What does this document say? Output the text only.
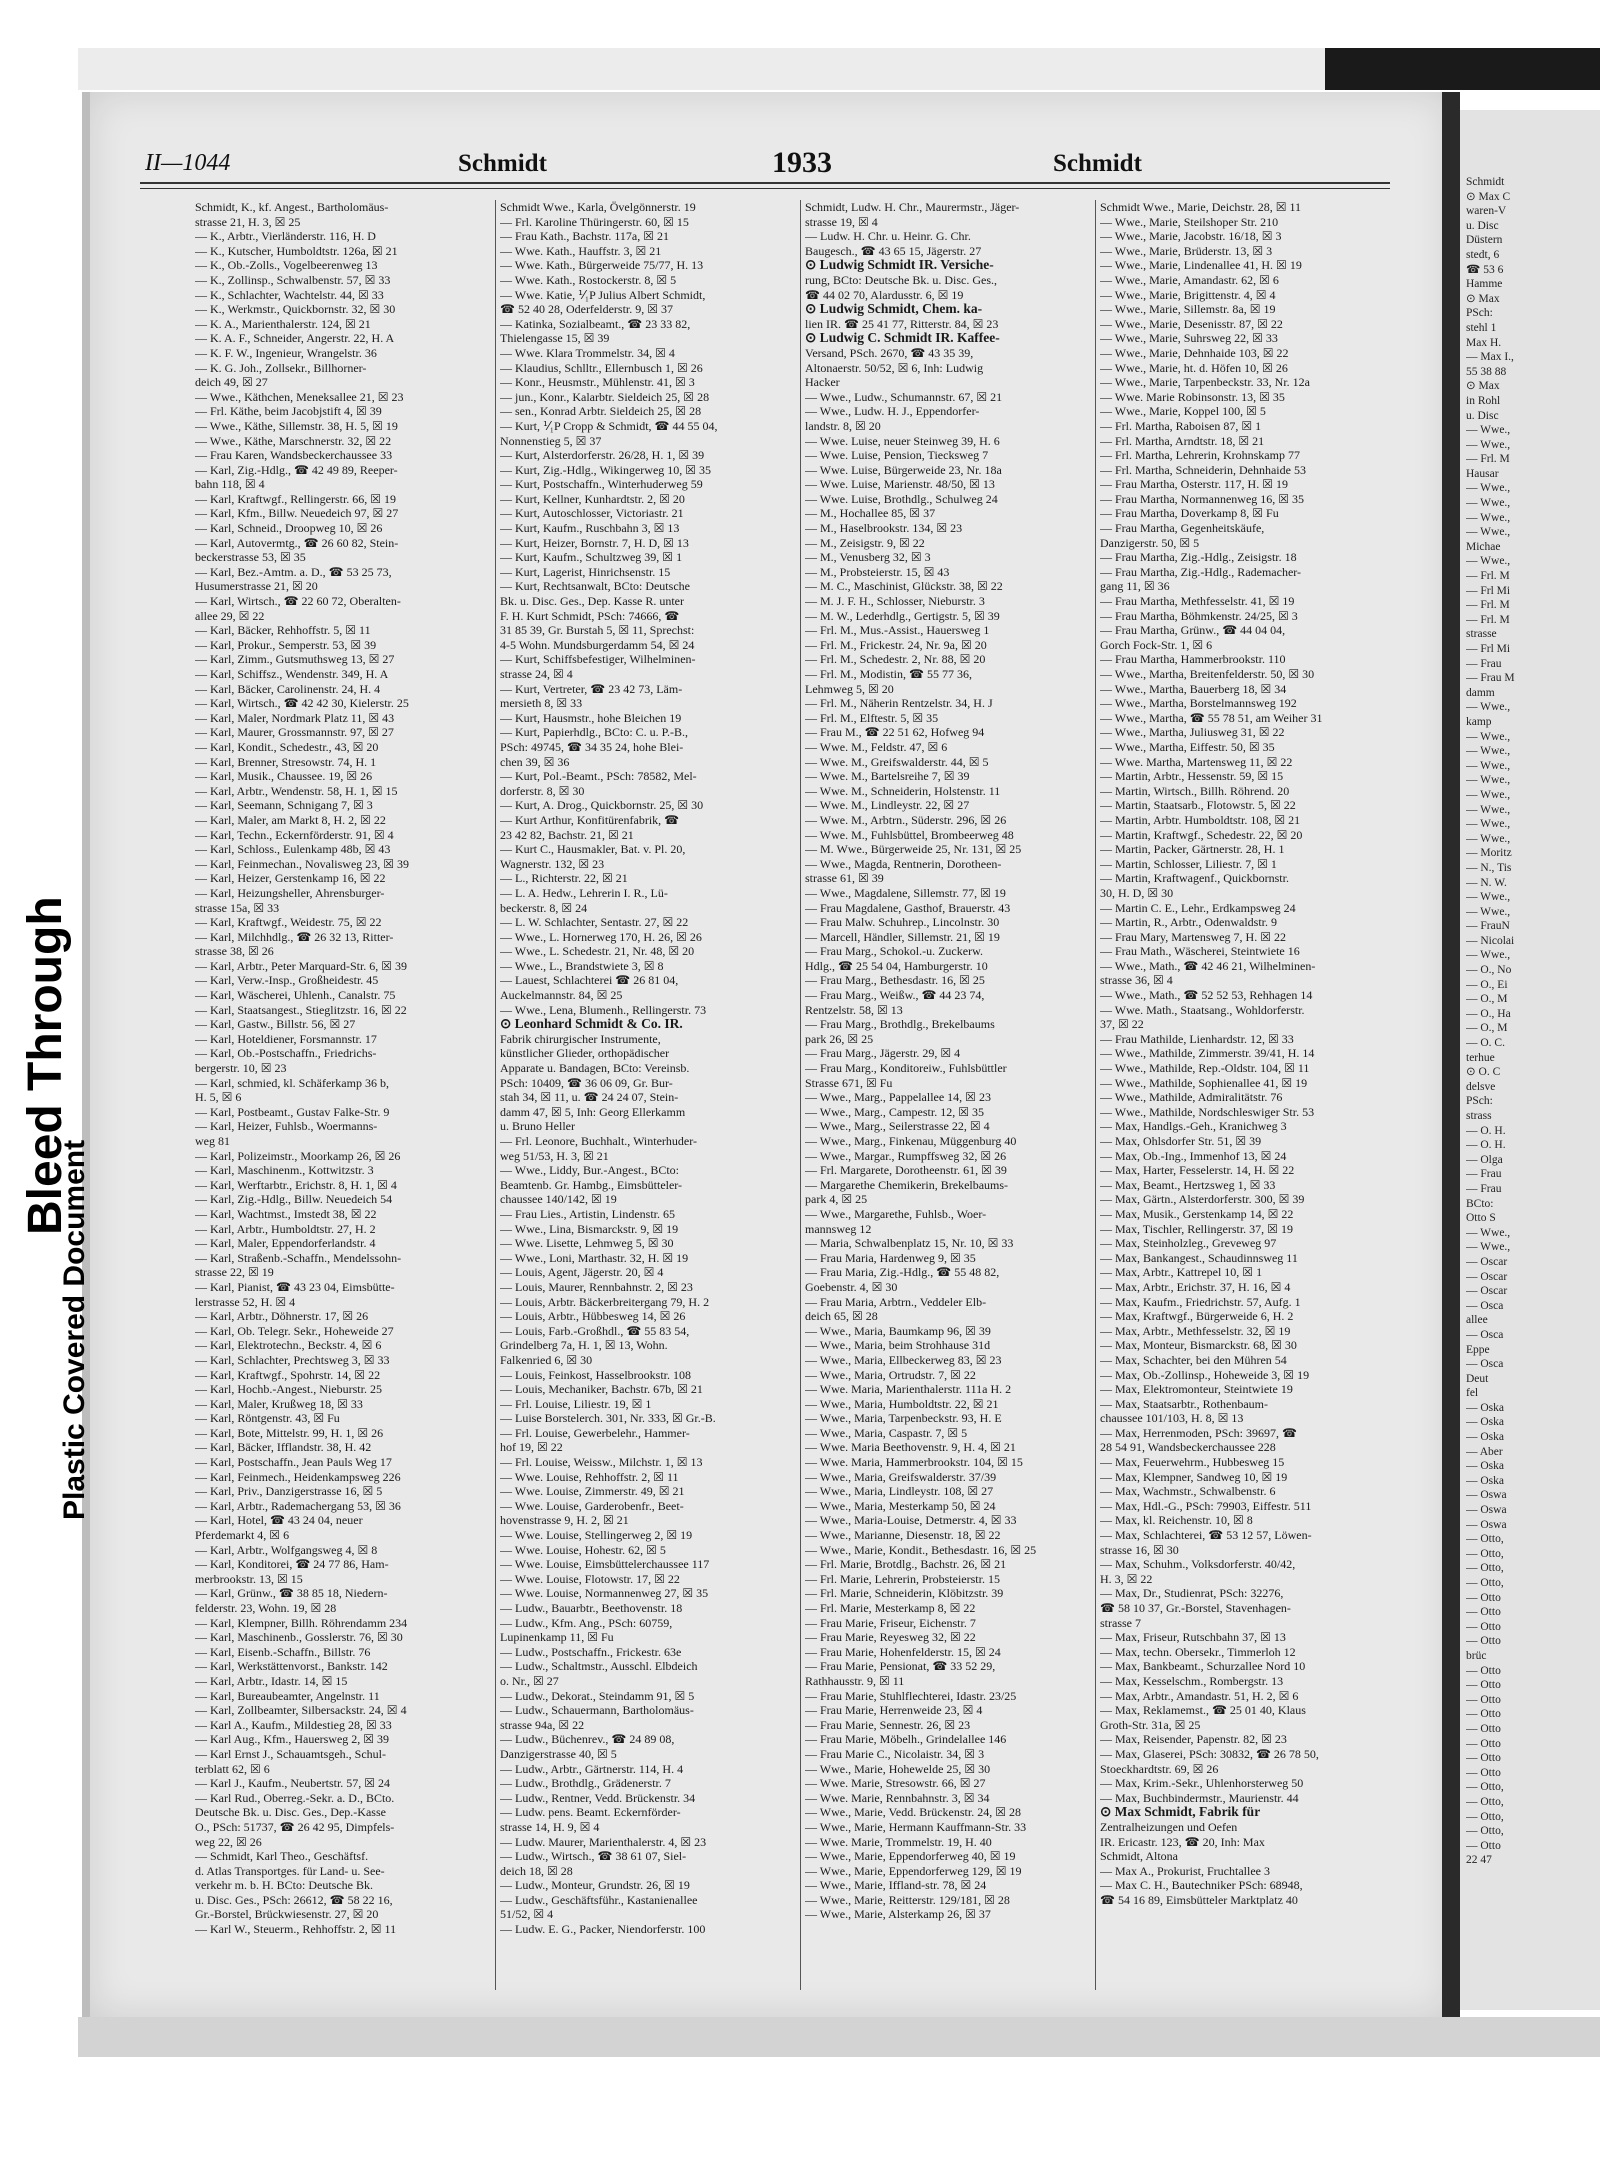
Schmidt
⊙ Max C
waren-V
u. Disc
Düstern
stedt, 6
☎ 53 6
Hamme
⊙ Max
PSch:
stehl 1
Max H.
— Max I.,
55 38 88
⊙ Max
in Rohl
u. Disc
— Wwe.,
— Wwe.,
— Frl. M
Hausar
— Wwe.,
— Wwe.,
— Wwe.,
— Wwe.,
Michae
— Wwe.,
— Frl. M
— Frl Mi
— Frl. M
— Frl. M
strasse
— Frl Mi
— Frau
— Frau M
damm
— Wwe.,
kamp
— Wwe.,
— Wwe.,
— Wwe.,
— Wwe.,
— Wwe.,
— Wwe.,
— Wwe.,
— Wwe.,
— Moritz
— N., Tis
— N. W.
— Wwe.,
— Wwe.,
— FrauN
— Nicolai
— Wwe.,
— O., No
— O., Ei
— O., M
— O., Ha
— O., M
— O. C.
terhue
⊙ O. C
delsve
PSch:
strass
— O. H.
— O. H.
— Olga
— Frau
— Frau
BCto:
Otto S
— Wwe.,
— Wwe.,
— Oscar
— Oscar
— Oscar
— Osca
allee
— Osca
Eppe
— Osca
Deut
fel
— Oska
— Oska
— Oska
— Aber
— Oska
— Oska
— Oswa
— Oswa
— Oswa
— Otto,
— Otto,
— Otto,
— Otto,
— Otto
— Otto
— Otto
— Otto
brüc
— Otto
— Otto
— Otto
— Otto
— Otto
— Otto
— Otto
— Otto
— Otto,
— Otto,
— Otto,
— Otto,
— Otto
22 47
Bleed Through
Plastic Covered Document
II—1044	Schmidt	1933	Schmidt
Schmidt, K., kf. Angest., Bartholomäus-
strasse 21, H. 3, ☒ 25
— K., Arbtr., Vierländerstr. 116, H. D
— K., Kutscher, Humboldtstr. 126a, ☒ 21
— K., Ob.-Zolls., Vogelbeerenweg 13
— K., Zollinsp., Schwalbenstr. 57, ☒ 33
— K., Schlachter, Wachtelstr. 44, ☒ 33
— K., Werkmstr., Quickbornstr. 32, ☒ 30
— K. A., Marienthalerstr. 124, ☒ 21
— K. A. F., Schneider, Angerstr. 22, H. A
— K. F. W., Ingenieur, Wrangelstr. 36
— K. G. Joh., Zollsekr., Billhorner-
deich 49, ☒ 27
— Wwe., Käthchen, Meneksallee 21, ☒ 23
— Frl. Käthe, beim Jacobjstift 4, ☒ 39
— Wwe., Käthe, Sillemstr. 38, H. 5, ☒ 19
— Wwe., Käthe, Marschnerstr. 32, ☒ 22
— Frau Karen, Wandsbeckerchaussee 33
— Karl, Zig.-Hdlg., ☎ 42 49 89, Reeper-
bahn 118, ☒ 4
— Karl, Kraftwgf., Rellingerstr. 66, ☒ 19
— Karl, Kfm., Billw. Neuedeich 97, ☒ 27
— Karl, Schneid., Droopweg 10, ☒ 26
— Karl, Autovermtg., ☎ 26 60 82, Stein-
beckerstrasse 53, ☒ 35
— Karl, Bez.-Amtm. a. D., ☎ 53 25 73,
Husumerstrasse 21, ☒ 20
— Karl, Wirtsch., ☎ 22 60 72, Oberalten-
allee 29, ☒ 22
— Karl, Bäcker, Rehhoffstr. 5, ☒ 11
— Karl, Prokur., Semperstr. 53, ☒ 39
— Karl, Zimm., Gutsmuthsweg 13, ☒ 27
— Karl, Schiffsz., Wendenstr. 349, H. A
— Karl, Bäcker, Carolinenstr. 24, H. 4
— Karl, Wirtsch., ☎ 42 42 30, Kielerstr. 25
— Karl, Maler, Nordmark Platz 11, ☒ 43
— Karl, Maurer, Grossmannstr. 97, ☒ 27
— Karl, Kondit., Schedestr., 43, ☒ 20
— Karl, Brenner, Stresowstr. 74, H. 1
— Karl, Musik., Chaussee. 19, ☒ 26
— Karl, Arbtr., Wendenstr. 58, H. 1, ☒ 15
— Karl, Seemann, Schnigang 7, ☒ 3
— Karl, Maler, am Markt 8, H. 2, ☒ 22
— Karl, Techn., Eckernförderstr. 91, ☒ 4
— Karl, Schloss., Eulenkamp 48b, ☒ 43
— Karl, Feinmechan., Novalisweg 23, ☒ 39
— Karl, Heizer, Gerstenkamp 16, ☒ 22
— Karl, Heizungsheller, Ahrensburger-
strasse 15a, ☒ 33
— Karl, Kraftwgf., Weidestr. 75, ☒ 22
— Karl, Milchhdlg., ☎ 26 32 13, Ritter-
strasse 38, ☒ 26
— Karl, Arbtr., Peter Marquard-Str. 6, ☒ 39
— Karl, Verw.-Insp., Großheidestr. 45
— Karl, Wäscherei, Uhlenh., Canalstr. 75
— Karl, Staatsangest., Stieglitzstr. 16, ☒ 22
— Karl, Gastw., Billstr. 56, ☒ 27
— Karl, Hoteldiener, Forsmannstr. 17
— Karl, Ob.-Postschaffn., Friedrichs-
bergerstr. 10, ☒ 23
— Karl, schmied, kl. Schäferkamp 36 b,
H. 5, ☒ 6
— Karl, Postbeamt., Gustav Falke-Str. 9
— Karl, Heizer, Fuhlsb., Woermanns-
weg 81
— Karl, Polizeimstr., Moorkamp 26, ☒ 26
— Karl, Maschinenm., Kottwitzstr. 3
— Karl, Werftarbtr., Erichstr. 8, H. 1, ☒ 4
— Karl, Zig.-Hdlg., Billw. Neuedeich 54
— Karl, Wachtmst., Imstedt 38, ☒ 22
— Karl, Arbtr., Humboldtstr. 27, H. 2
— Karl, Maler, Eppendorferlandstr. 4
— Karl, Straßenb.-Schaffn., Mendelssohn-
strasse 22, ☒ 19
— Karl, Pianist, ☎ 43 23 04, Eimsbütte-
lerstrasse 52, H. ☒ 4
— Karl, Arbtr., Döhnerstr. 17, ☒ 26
— Karl, Ob. Telegr. Sekr., Hoheweide 27
— Karl, Elektrotechn., Beckstr. 4, ☒ 6
— Karl, Schlachter, Prechtsweg 3, ☒ 33
— Karl, Kraftwgf., Spohrstr. 14, ☒ 22
— Karl, Hochb.-Angest., Nieburstr. 25
— Karl, Maler, Krußweg 18, ☒ 33
— Karl, Röntgenstr. 43, ☒ Fu
— Karl, Bote, Mittelstr. 99, H. 1, ☒ 26
— Karl, Bäcker, Ifflandstr. 38, H. 42
— Karl, Postschaffn., Jean Pauls Weg 17
— Karl, Feinmech., Heidenkampsweg 226
— Karl, Priv., Danzigerstrasse 16, ☒ 5
— Karl, Arbtr., Rademachergang 53, ☒ 36
— Karl, Hotel, ☎ 43 24 04, neuer
Pferdemarkt 4, ☒ 6
— Karl, Arbtr., Wolfgangsweg 4, ☒ 8
— Karl, Konditorei, ☎ 24 77 86, Ham-
merbrookstr. 13, ☒ 15
— Karl, Grünw., ☎ 38 85 18, Niedern-
felderstr. 23, Wohn. 19, ☒ 28
— Karl, Klempner, Billh. Röhrendamm 234
— Karl, Maschinenb., Gosslerstr. 76, ☒ 30
— Karl, Eisenb.-Schaffn., Billstr. 76
— Karl, Werkstättenvorst., Bankstr. 142
— Karl, Arbtr., Idastr. 14, ☒ 15
— Karl, Bureaubeamter, Angelnstr. 11
— Karl, Zollbeamter, Silbersackstr. 24, ☒ 4
— Karl A., Kaufm., Mildestieg 28, ☒ 33
— Karl Aug., Kfm., Hauersweg 2, ☒ 39
— Karl Ernst J., Schauamtsgeh., Schul-
terblatt 62, ☒ 6
— Karl J., Kaufm., Neubertstr. 57, ☒ 24
— Karl Rud., Oberreg.-Sekr. a. D., BCto.
Deutsche Bk. u. Disc. Ges., Dep.-Kasse
O., PSch: 51737, ☎ 26 42 95, Dimpfels-
weg 22, ☒ 26
— Schmidt, Karl Theo., Geschäftsf.
d. Atlas Transportges. für Land- u. See-
verkehr m. b. H. BCto: Deutsche Bk.
u. Disc. Ges., PSch: 26612, ☎ 58 22 16,
Gr.-Borstel, Brückwiesenstr. 27, ☒ 20
— Karl W., Steuerm., Rehhoffstr. 2, ☒ 11
Schmidt Wwe., Karla, Övelgönnerstr. 19
— Frl. Karoline Thüringerstr. 60, ☒ 15
— Frau Kath., Bachstr. 117a, ☒ 21
— Wwe. Kath., Hauffstr. 3, ☒ 21
— Wwe. Kath., Bürgerweide 75/77, H. 13
— Wwe. Kath., Rostockerstr. 8, ☒ 5
— Wwe. Katie, ⅟₁P Julius Albert Schmidt,
☎ 52 40 28, Oderfelderstr. 9, ☒ 37
— Katinka, Sozialbeamt., ☎ 23 33 82,
Thielengasse 15, ☒ 39
— Wwe. Klara Trommelstr. 34, ☒ 4
— Klaudius, Schlltr., Ellernbusch 1, ☒ 26
— Konr., Heusmstr., Mühlenstr. 41, ☒ 3
— jun., Konr., Kalarbtr. Sieldeich 25, ☒ 28
— sen., Konrad Arbtr. Sieldeich 25, ☒ 28
— Kurt, ⅟₁P Cropp & Schmidt, ☎ 44 55 04,
Nonnenstieg 5, ☒ 37
— Kurt, Alsterdorferstr. 26/28, H. 1, ☒ 39
— Kurt, Zig.-Hdlg., Wikingerweg 10, ☒ 35
— Kurt, Postschaffn., Winterhuderweg 59
— Kurt, Kellner, Kunhardtstr. 2, ☒ 20
— Kurt, Autoschlosser, Victoriastr. 21
— Kurt, Kaufm., Ruschbahn 3, ☒ 13
— Kurt, Heizer, Bornstr. 7, H. D, ☒ 13
— Kurt, Kaufm., Schultzweg 39, ☒ 1
— Kurt, Lagerist, Hinrichsenstr. 15
— Kurt, Rechtsanwalt, BCto: Deutsche
Bk. u. Disc. Ges., Dep. Kasse R. unter
F. H. Kurt Schmidt, PSch: 74666, ☎
31 85 39, Gr. Burstah 5, ☒ 11, Sprechst:
4-5 Wohn. Mundsburgerdamm 54, ☒ 24
— Kurt, Schiffsbefestiger, Wilhelminen-
strasse 24, ☒ 4
— Kurt, Vertreter, ☎ 23 42 73, Läm-
mersieth 8, ☒ 33
— Kurt, Hausmstr., hohe Bleichen 19
— Kurt, Papierhdlg., BCto: C. u. P.-B.,
PSch: 49745, ☎ 34 35 24, hohe Blei-
chen 39, ☒ 36
— Kurt, Pol.-Beamt., PSch: 78582, Mel-
dorferstr. 8, ☒ 30
— Kurt, A. Drog., Quickbornstr. 25, ☒ 30
— Kurt Arthur, Konfitürenfabrik, ☎
23 42 82, Bachstr. 21, ☒ 21
— Kurt C., Hausmakler, Bat. v. Pl. 20,
Wagnerstr. 132, ☒ 23
— L., Richterstr. 22, ☒ 21
— L. A. Hedw., Lehrerin I. R., Lü-
beckerstr. 8, ☒ 24
— L. W. Schlachter, Sentastr. 27, ☒ 22
— Wwe., L. Hornerweg 170, H. 26, ☒ 26
— Wwe., L. Schedestr. 21, Nr. 48, ☒ 20
— Wwe., L., Brandstwiete 3, ☒ 8
— Lauest, Schlachterei ☎ 26 81 04,
Auckelmannstr. 84, ☒ 25
— Wwe., Lena, Blumenh., Rellingerstr. 73
⊙ Leonhard Schmidt & Co. IR.
Fabrik chirurgischer Instrumente,
künstlicher Glieder, orthopädischer
Apparate u. Bandagen, BCto: Vereinsb.
PSch: 10409, ☎ 36 06 09, Gr. Bur-
stah 34, ☒ 11, u. ☎ 24 24 07, Stein-
damm 47, ☒ 5, Inh: Georg Ellerkamm
u. Bruno Heller
— Frl. Leonore, Buchhalt., Winterhuder-
weg 51/53, H. 3, ☒ 21
— Wwe., Liddy, Bur.-Angest., BCto:
Beamtenb. Gr. Hambg., Eimsbütteler-
chaussee 140/142, ☒ 19
— Frau Lies., Artistin, Lindenstr. 65
— Wwe., Lina, Bismarckstr. 9, ☒ 19
— Wwe. Lisette, Lehmweg 5, ☒ 30
— Wwe., Loni, Marthastr. 32, H. ☒ 19
— Louis, Agent, Jägerstr. 20, ☒ 4
— Louis, Maurer, Rennbahnstr. 2, ☒ 23
— Louis, Arbtr. Bäckerbreitergang 79, H. 2
— Louis, Arbtr., Hübbesweg 14, ☒ 26
— Louis, Farb.-Großhdl., ☎ 55 83 54,
Grindelberg 7a, H. 1, ☒ 13, Wohn.
Falkenried 6, ☒ 30
— Louis, Feinkost, Hasselbrookstr. 108
— Louis, Mechaniker, Bachstr. 67b, ☒ 21
— Frl. Louise, Liliestr. 19, ☒ 1
— Luise Borstelerch. 301, Nr. 333, ☒ Gr.-B.
— Frl. Louise, Gewerbelehr., Hammer-
hof 19, ☒ 22
— Frl. Louise, Weissw., Milchstr. 1, ☒ 13
— Wwe. Louise, Rehhoffstr. 2, ☒ 11
— Wwe. Louise, Zimmerstr. 49, ☒ 21
— Wwe. Louise, Garderobenfr., Beet-
hovenstrasse 9, H. 2, ☒ 21
— Wwe. Louise, Stellingerweg 2, ☒ 19
— Wwe. Louise, Hohestr. 62, ☒ 5
— Wwe. Louise, Eimsbüttelerchaussee 117
— Wwe. Louise, Flotowstr. 17, ☒ 22
— Wwe. Louise, Normannenweg 27, ☒ 35
— Ludw., Bauarbtr., Beethovenstr. 18
— Ludw., Kfm. Ang., PSch: 60759,
Lupinenkamp 11, ☒ Fu
— Ludw., Postschaffn., Frickestr. 63e
— Ludw., Schaltmstr., Ausschl. Elbdeich
o. Nr., ☒ 27
— Ludw., Dekorat., Steindamm 91, ☒ 5
— Ludw., Schauermann, Bartholomäus-
strasse 94a, ☒ 22
— Ludw., Büchenrev., ☎ 24 89 08,
Danzigerstrasse 40, ☒ 5
— Ludw., Arbtr., Gärtnerstr. 114, H. 4
— Ludw., Brothdlg., Grädenerstr. 7
— Ludw., Rentner, Vedd. Brückenstr. 34
— Ludw. pens. Beamt. Eckernförder-
strasse 14, H. 9, ☒ 4
— Ludw. Maurer, Marienthalerstr. 4, ☒ 23
— Ludw., Wirtsch., ☎ 38 61 07, Siel-
deich 18, ☒ 28
— Ludw., Monteur, Grundstr. 26, ☒ 19
— Ludw., Geschäftsführ., Kastanienallee
51/52, ☒ 4
— Ludw. E. G., Packer, Niendorferstr. 100
Schmidt, Ludw. H. Chr., Maurermstr., Jäger-
strasse 19, ☒ 4
— Ludw. H. Chr. u. Heinr. G. Chr.
Baugesch., ☎ 43 65 15, Jägerstr. 27
⊙ Ludwig Schmidt IR. Versiche-
rung, BCto: Deutsche Bk. u. Disc. Ges.,
☎ 44 02 70, Alardusstr. 6, ☒ 19
⊙ Ludwig Schmidt, Chem. ka-
lien IR. ☎ 25 41 77, Ritterstr. 84, ☒ 23
⊙ Ludwig C. Schmidt IR. Kaffee-
Versand, PSch. 2670, ☎ 43 35 39,
Altonaerstr. 50/52, ☒ 6, Inh: Ludwig
Hacker
— Wwe., Ludw., Schumannstr. 67, ☒ 21
— Wwe., Ludw. H. J., Eppendorfer-
landstr. 8, ☒ 20
— Wwe. Luise, neuer Steinweg 39, H. 6
— Wwe. Luise, Pension, Tiecksweg 7
— Wwe. Luise, Bürgerweide 23, Nr. 18a
— Wwe. Luise, Marienstr. 48/50, ☒ 13
— Wwe. Luise, Brothdlg., Schulweg 24
— M., Hochallee 85, ☒ 37
— M., Haselbrookstr. 134, ☒ 23
— M., Zeisigstr. 9, ☒ 22
— M., Venusberg 32, ☒ 3
— M., Probsteierstr. 15, ☒ 43
— M. C., Maschinist, Glückstr. 38, ☒ 22
— M. J. F. H., Schlosser, Nieburstr. 3
— M. W., Lederhdlg., Gertigstr. 5, ☒ 39
— Frl. M., Mus.-Assist., Hauersweg 1
— Frl. M., Frickestr. 24, Nr. 9a, ☒ 20
— Frl. M., Schedestr. 2, Nr. 88, ☒ 20
— Frl. M., Modistin, ☎ 55 77 36,
Lehmweg 5, ☒ 20
— Frl. M., Näherin Rentzelstr. 34, H. J
— Frl. M., Elftestr. 5, ☒ 35
— Frau M., ☎ 22 51 62, Hofweg 94
— Wwe. M., Feldstr. 47, ☒ 6
— Wwe. M., Greifswalderstr. 44, ☒ 5
— Wwe. M., Bartelsreihe 7, ☒ 39
— Wwe. M., Schneiderin, Holstenstr. 11
— Wwe. M., Lindleystr. 22, ☒ 27
— Wwe. M., Arbtrn., Süderstr. 296, ☒ 26
— Wwe. M., Fuhlsbüttel, Brombeerweg 48
— M. Wwe., Bürgerweide 25, Nr. 131, ☒ 25
— Wwe., Magda, Rentnerin, Dorotheen-
strasse 61, ☒ 39
— Wwe., Magdalene, Sillemstr. 77, ☒ 19
— Frau Magdalene, Gasthof, Brauerstr. 43
— Frau Malw. Schuhrep., Lincolnstr. 30
— Marcell, Händler, Sillemstr. 21, ☒ 19
— Frau Marg., Schokol.-u. Zuckerw.
Hdlg., ☎ 25 54 04, Hamburgerstr. 10
— Frau Marg., Bethesdastr. 16, ☒ 25
— Frau Marg., Weißw., ☎ 44 23 74,
Rentzelstr. 58, ☒ 13
— Frau Marg., Brothdlg., Brekelbaums
park 26, ☒ 25
— Frau Marg., Jägerstr. 29, ☒ 4
— Frau Marg., Konditoreiw., Fuhlsbüttler
Strasse 671, ☒ Fu
— Wwe., Marg., Pappelallee 14, ☒ 23
— Wwe., Marg., Campestr. 12, ☒ 35
— Wwe., Marg., Seilerstrasse 22, ☒ 4
— Wwe., Marg., Finkenau, Müggenburg 40
— Wwe., Margar., Rumpffsweg 32, ☒ 26
— Frl. Margarete, Dorotheenstr. 61, ☒ 39
— Margarethe Chemikerin, Brekelbaums-
park 4, ☒ 25
— Wwe., Margarethe, Fuhlsb., Woer-
mannsweg 12
— Maria, Schwalbenplatz 15, Nr. 10, ☒ 33
— Frau Maria, Hardenweg 9, ☒ 35
— Frau Maria, Zig.-Hdlg., ☎ 55 48 82,
Goebenstr. 4, ☒ 30
— Frau Maria, Arbtrn., Veddeler Elb-
deich 65, ☒ 28
— Wwe., Maria, Baumkamp 96, ☒ 39
— Wwe., Maria, beim Strohhause 31d
— Wwe., Maria, Ellbeckerweg 83, ☒ 23
— Wwe., Maria, Ortrudstr. 7, ☒ 22
— Wwe. Maria, Marienthalerstr. 111a H. 2
— Wwe., Maria, Humboldtstr. 22, ☒ 21
— Wwe., Maria, Tarpenbeckstr. 93, H. E
— Wwe., Maria, Caspastr. 7, ☒ 5
— Wwe. Maria Beethovenstr. 9, H. 4, ☒ 21
— Wwe. Maria, Hammerbrookstr. 104, ☒ 15
— Wwe., Maria, Greifswalderstr. 37/39
— Wwe., Maria, Lindleystr. 108, ☒ 27
— Wwe., Maria, Mesterkamp 50, ☒ 24
— Wwe., Maria-Louise, Detmerstr. 4, ☒ 33
— Wwe., Marianne, Diesenstr. 18, ☒ 22
— Wwe., Marie, Kondit., Bethesdastr. 16, ☒ 25
— Frl. Marie, Brotdlg., Bachstr. 26, ☒ 21
— Frl. Marie, Lehrerin, Probsteierstr. 15
— Frl. Marie, Schneiderin, Klöbitzstr. 39
— Frl. Marie, Mesterkamp 8, ☒ 22
— Frau Marie, Friseur, Eichenstr. 7
— Frau Marie, Reyesweg 32, ☒ 22
— Frau Marie, Hohenfelderstr. 15, ☒ 24
— Frau Marie, Pensionat, ☎ 33 52 29,
Rathhausstr. 9, ☒ 11
— Frau Marie, Stuhlflechterei, Idastr. 23/25
— Frau Marie, Herrenweide 23, ☒ 4
— Frau Marie, Sennestr. 26, ☒ 23
— Frau Marie, Möbelh., Grindelallee 146
— Frau Marie C., Nicolaistr. 34, ☒ 3
— Wwe., Marie, Hohewelde 25, ☒ 30
— Wwe. Marie, Stresowstr. 66, ☒ 27
— Wwe. Marie, Rennbahnstr. 3, ☒ 34
— Wwe., Marie, Vedd. Brückenstr. 24, ☒ 28
— Wwe., Marie, Hermann Kauffmann-Str. 33
— Wwe. Marie, Trommelstr. 19, H. 40
— Wwe., Marie, Eppendorferweg 40, ☒ 19
— Wwe., Marie, Eppendorferweg 129, ☒ 19
— Wwe., Marie, Iffland-str. 78, ☒ 24
— Wwe., Marie, Reitterstr. 129/181, ☒ 28
— Wwe., Marie, Alsterkamp 26, ☒ 37
Schmidt Wwe., Marie, Deichstr. 28, ☒ 11
— Wwe., Marie, Steilshoper Str. 210
— Wwe., Marie, Jacobstr. 16/18, ☒ 3
— Wwe., Marie, Brüderstr. 13, ☒ 3
— Wwe., Marie, Lindenallee 41, H. ☒ 19
— Wwe., Marie, Amandastr. 62, ☒ 6
— Wwe., Marie, Brigittenstr. 4, ☒ 4
— Wwe., Marie, Sillemstr. 8a, ☒ 19
— Wwe., Marie, Desenisstr. 87, ☒ 22
— Wwe., Marie, Suhrsweg 22, ☒ 33
— Wwe., Marie, Dehnhaide 103, ☒ 22
— Wwe., Marie, ht. d. Höfen 10, ☒ 26
— Wwe., Marie, Tarpenbeckstr. 33, Nr. 12a
— Wwe. Marie Robinsonstr. 13, ☒ 35
— Wwe., Marie, Koppel 100, ☒ 5
— Frl. Martha, Raboisen 87, ☒ 1
— Frl. Martha, Arndtstr. 18, ☒ 21
— Frl. Martha, Lehrerin, Krohnskamp 77
— Frl. Martha, Schneiderin, Dehnhaide 53
— Frau Martha, Osterstr. 117, H. ☒ 19
— Frau Martha, Normannenweg 16, ☒ 35
— Frau Martha, Doverkamp 8, ☒ Fu
— Frau Martha, Gegenheitskäufe,
Danzigerstr. 50, ☒ 5
— Frau Martha, Zig.-Hdlg., Zeisigstr. 18
— Frau Martha, Zig.-Hdlg., Rademacher-
gang 11, ☒ 36
— Frau Martha, Methfesselstr. 41, ☒ 19
— Frau Martha, Böhmkenstr. 24/25, ☒ 3
— Frau Martha, Grünw., ☎ 44 04 04,
Gorch Fock-Str. 1, ☒ 6
— Frau Martha, Hammerbrookstr. 110
— Wwe., Martha, Breitenfelderstr. 50, ☒ 30
— Wwe., Martha, Bauerberg 18, ☒ 34
— Wwe., Martha, Borstelmannsweg 192
— Wwe., Martha, ☎ 55 78 51, am Weiher 31
— Wwe., Martha, Juliusweg 31, ☒ 22
— Wwe., Martha, Eiffestr. 50, ☒ 35
— Wwe. Martha, Martensweg 11, ☒ 22
— Martin, Arbtr., Hessenstr. 59, ☒ 15
— Martin, Wirtsch., Billh. Röhrend. 20
— Martin, Staatsarb., Flotowstr. 5, ☒ 22
— Martin, Arbtr. Humboldtstr. 108, ☒ 21
— Martin, Kraftwgf., Schedestr. 22, ☒ 20
— Martin, Packer, Gärtnerstr. 28, H. 1
— Martin, Schlosser, Liliestr. 7, ☒ 1
— Martin, Kraftwagenf., Quickbornstr.
30, H. D, ☒ 30
— Martin C. E., Lehr., Erdkampsweg 24
— Martin, R., Arbtr., Odenwaldstr. 9
— Frau Mary, Martensweg 7, H. ☒ 22
— Frau Math., Wäscherei, Steintwiete 16
— Wwe., Math., ☎ 42 46 21, Wilhelminen-
strasse 36, ☒ 4
— Wwe., Math., ☎ 52 52 53, Rehhagen 14
— Wwe. Math., Staatsang., Wohldorferstr.
37, ☒ 22
— Frau Mathilde, Lienhardstr. 12, ☒ 33
— Wwe., Mathilde, Zimmerstr. 39/41, H. 14
— Wwe., Mathilde, Rep.-Oldstr. 104, ☒ 11
— Wwe., Mathilde, Sophienallee 41, ☒ 19
— Wwe., Mathilde, Admiralitätstr. 76
— Wwe., Mathilde, Nordschleswiger Str. 53
— Max, Handlgs.-Geh., Kranichweg 3
— Max, Ohlsdorfer Str. 51, ☒ 39
— Max, Ob.-Ing., Immenhof 13, ☒ 24
— Max, Harter, Fesselerstr. 14, H. ☒ 22
— Max, Beamt., Hertzsweg 1, ☒ 33
— Max, Gärtn., Alsterdorferstr. 300, ☒ 39
— Max, Musik., Gerstenkamp 14, ☒ 22
— Max, Tischler, Rellingerstr. 37, ☒ 19
— Max, Steinholzleg., Greveweg 97
— Max, Bankangest., Schaudinnsweg 11
— Max, Arbtr., Kattrepel 10, ☒ 1
— Max, Arbtr., Erichstr. 37, H. 16, ☒ 4
— Max, Kaufm., Friedrichstr. 57, Aufg. 1
— Max, Kraftwgf., Bürgerweide 6, H. 2
— Max, Arbtr., Methfesselstr. 32, ☒ 19
— Max, Monteur, Bismarckstr. 68, ☒ 30
— Max, Schachter, bei den Mühren 54
— Max, Ob.-Zollinsp., Hoheweide 3, ☒ 19
— Max, Elektromonteur, Steintwiete 19
— Max, Staatsarbtr., Rothenbaum-
chaussee 101/103, H. 8, ☒ 13
— Max, Herrenmoden, PSch: 39697, ☎
28 54 91, Wandsbeckerchaussee 228
— Max, Feuerwehrm., Hubbesweg 15
— Max, Klempner, Sandweg 10, ☒ 19
— Max, Wachmstr., Schwalbenstr. 6
— Max, Hdl.-G., PSch: 79903, Eiffestr. 511
— Max, kl. Reichenstr. 10, ☒ 8
— Max, Schlachterei, ☎ 53 12 57, Löwen-
strasse 16, ☒ 30
— Max, Schuhm., Volksdorferstr. 40/42,
H. 3, ☒ 22
— Max, Dr., Studienrat, PSch: 32276,
☎ 58 10 37, Gr.-Borstel, Stavenhagen-
strasse 7
— Max, Friseur, Rutschbahn 37, ☒ 13
— Max, techn. Obersekr., Timmerloh 12
— Max, Bankbeamt., Schurzallee Nord 10
— Max, Kesselschm., Rombergstr. 13
— Max, Arbtr., Amandastr. 51, H. 2, ☒ 6
— Max, Reklamemst., ☎ 25 01 40, Klaus
Groth-Str. 31a, ☒ 25
— Max, Reisender, Papenstr. 82, ☒ 23
— Max, Glaserei, PSch: 30832, ☎ 26 78 50,
Stoeckhardtstr. 69, ☒ 26
— Max, Krim.-Sekr., Uhlenhorsterweg 50
— Max, Buchbindermstr., Maurienstr. 44
⊙ Max Schmidt, Fabrik für
Zentralheizungen und Oefen
IR. Ericastr. 123, ☎ 20, Inh: Max
Schmidt, Altona
— Max A., Prokurist, Fruchtallee 3
— Max C. H., Bautechniker PSch: 68948,
☎ 54 16 89, Eimsbütteler Marktplatz 40
